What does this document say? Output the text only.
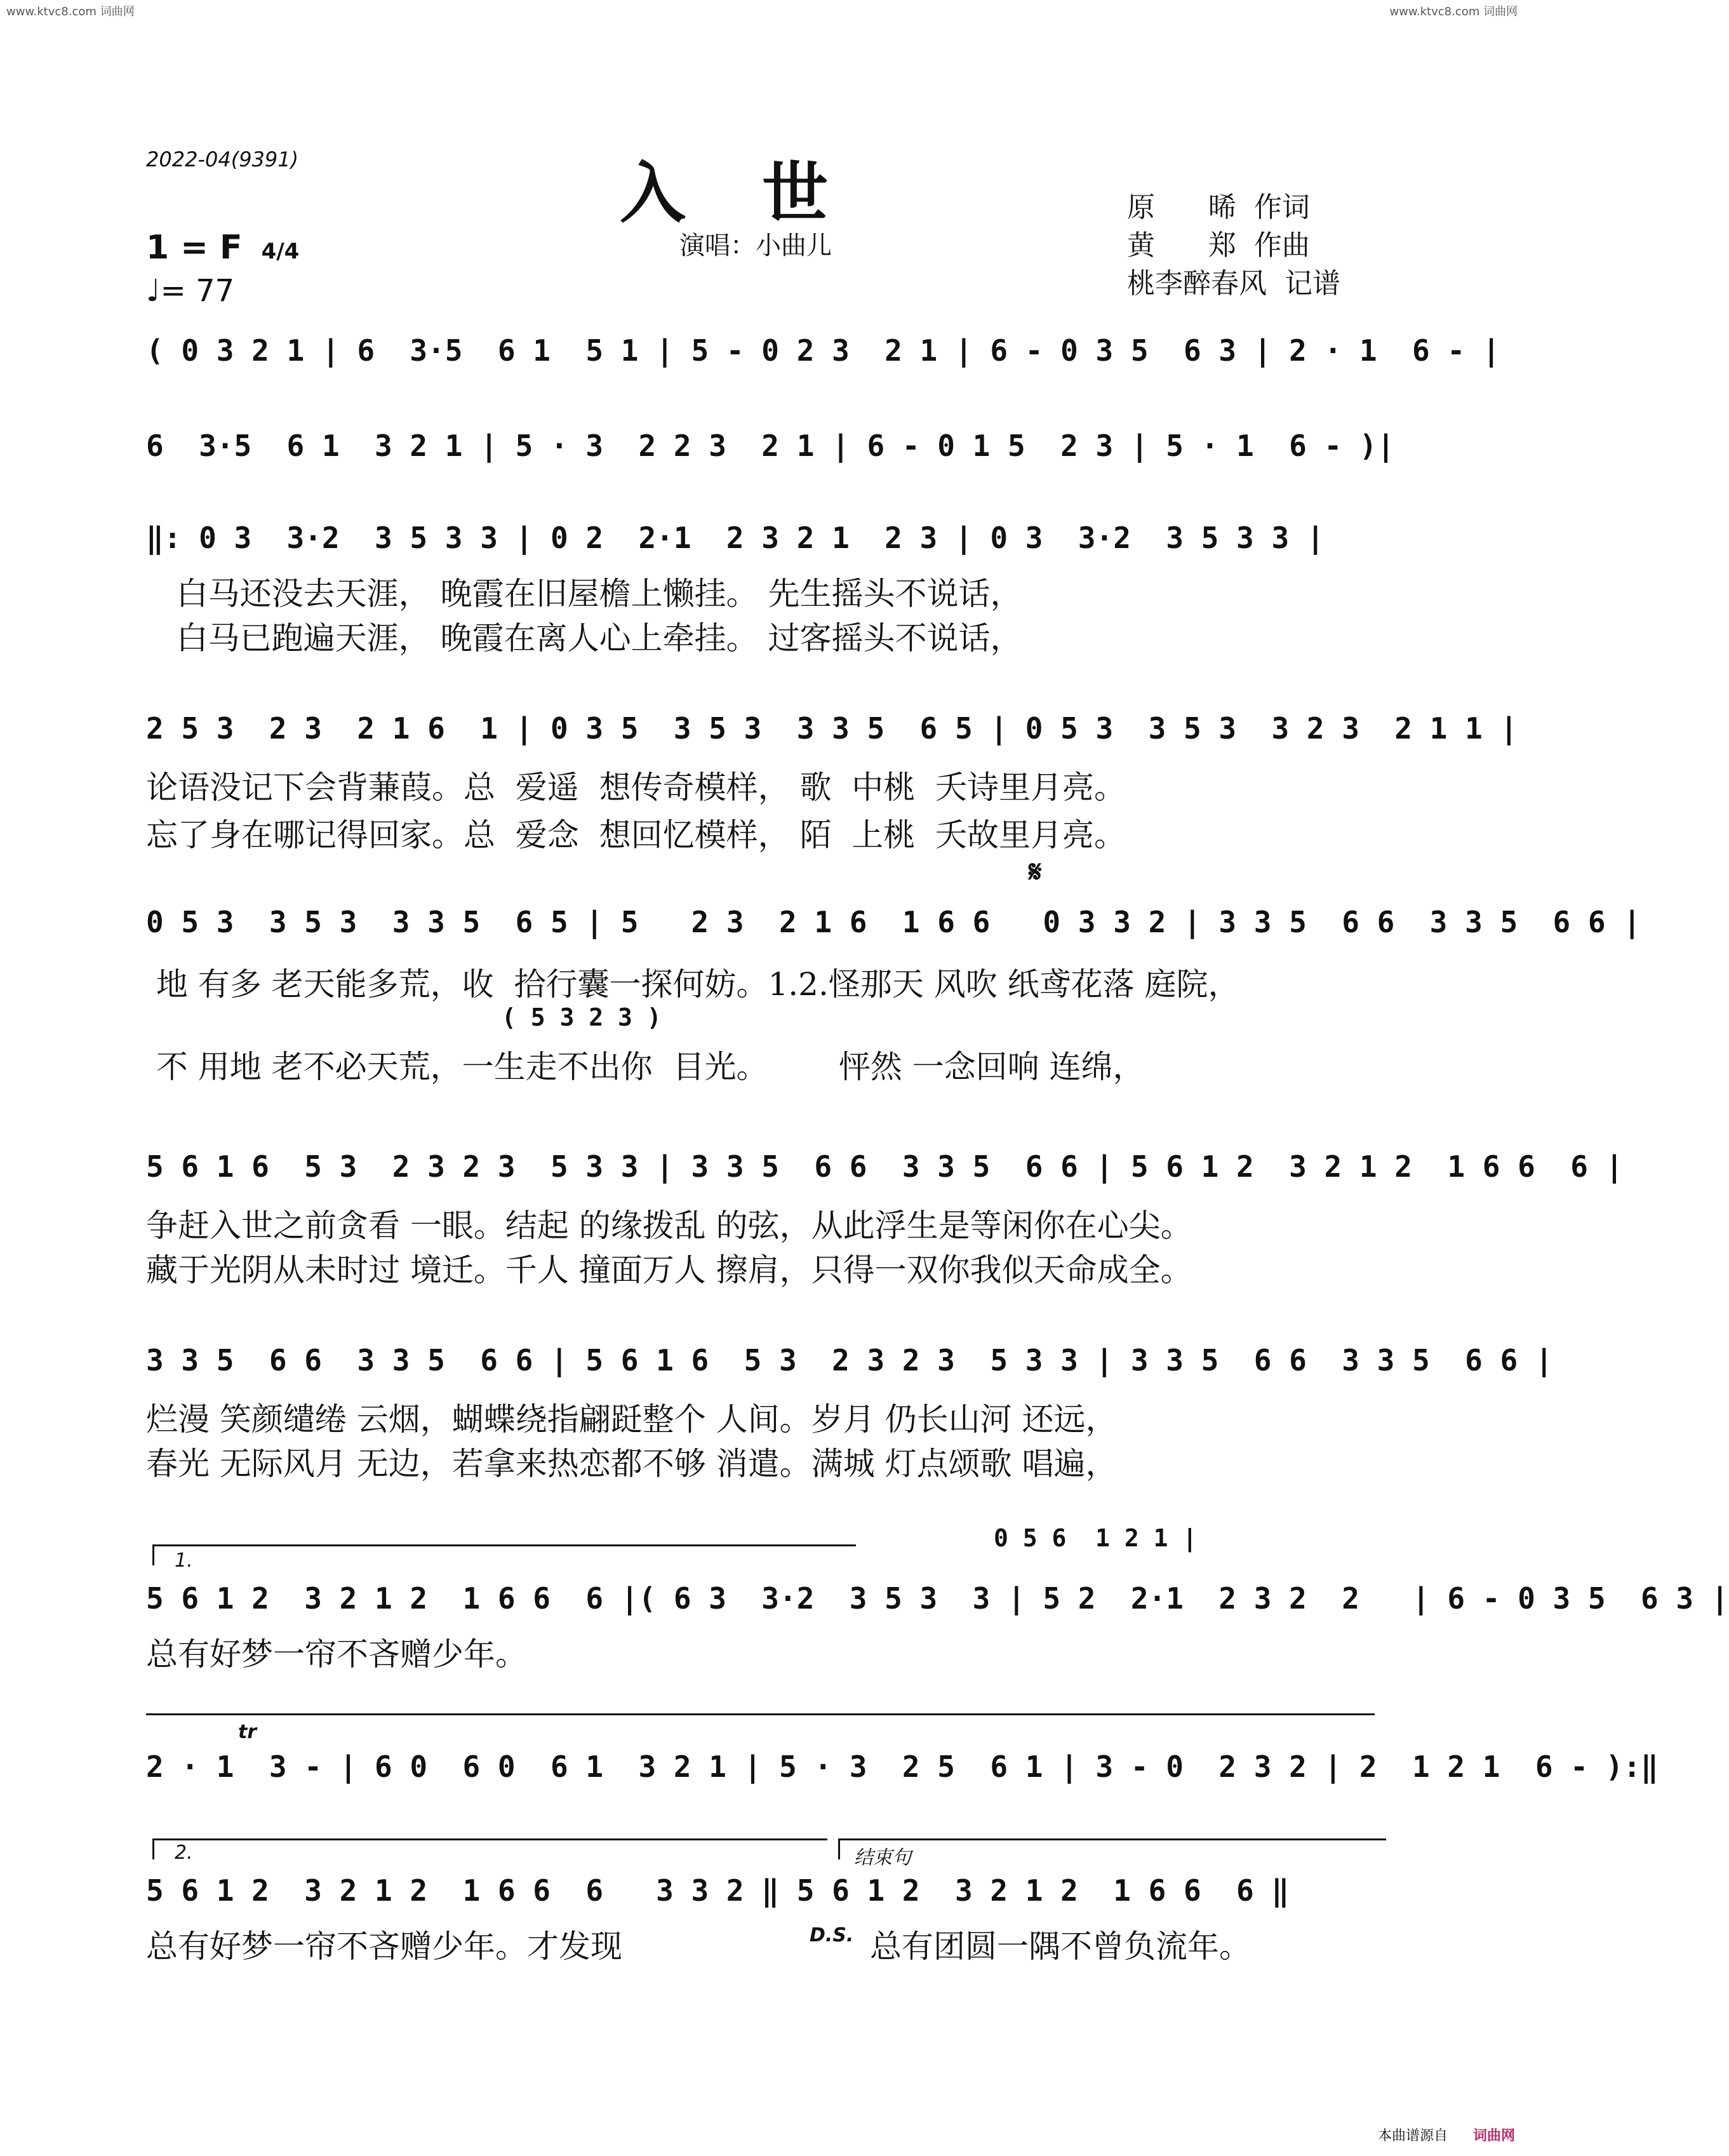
www.ktvc8.com 词曲网	www.ktvc8.com 词曲网
2022-04(9391)	入世
演唱：小曲儿
原      晞  作词
黄      郑  作曲
桃李醉春风  记谱
1 = F 4/4
♩= 77
( 0 3 2 1 | 6  3·5  6 1  5 1 | 5 - 0 2 3  2 1 | 6 - 0 3 5  6 3 | 2 · 1  6 - |
6  3·5  6 1  3 2 1 | 5 · 3  2 2 3  2 1 | 6 - 0 1 5  2 3 | 5 · 1  6 - )|
‖: 0 3  3·2  3 5 3 3 | 0 2  2·1  2 3 2 1  2 3 | 0 3  3·2  3 5 3 3 |
白马还没去天涯， 晚霞在旧屋檐上懒挂。 先生摇头不说话，
白马已跑遍天涯， 晚霞在离人心上牵挂。 过客摇头不说话，
2 5 3  2 3  2 1 6  1 | 0 3 5  3 5 3  3 3 5  6 5 | 0 5 3  3 5 3  3 2 3  2 1 1 |
论语没记下会背蒹葭。总  爱遥  想传奇模样， 歌  中桃  夭诗里月亮。
忘了身在哪记得回家。总  爱念  想回忆模样， 陌  上桃  夭故里月亮。
𝄋
0 5 3  3 5 3  3 3 5  6 5 | 5   2 3  2 1 6  1 6 6   0 3 3 2 | 3 3 5  6 6  3 3 5  6 6 |
地 有多 老天能多荒，收  拾行囊一探何妨。1.2.怪那天 风吹 纸鸢花落 庭院，
( 5 3 2 3 )
不 用地 老不必天荒，一生走不出你  目光。       怦然 一念回响 连绵，
5 6 1 6  5 3  2 3 2 3  5 3 3 | 3 3 5  6 6  3 3 5  6 6 | 5 6 1 2  3 2 1 2  1 6 6  6 |
争赶入世之前贪看 一眼。结起 的缘拨乱 的弦，从此浮生是等闲你在心尖。
藏于光阴从未时过 境迁。千人 撞面万人 擦肩，只得一双你我似天命成全。
3 3 5  6 6  3 3 5  6 6 | 5 6 1 6  5 3  2 3 2 3  5 3 3 | 3 3 5  6 6  3 3 5  6 6 |
烂漫 笑颜缱绻 云烟，蝴蝶绕指翩跹整个 人间。岁月 仍长山河 还远，
春光 无际风月 无边，若拿来热恋都不够 消遣。满城 灯点颂歌 唱遍，
1.
0 5 6  1 2 1 |
5 6 1 2  3 2 1 2  1 6 6  6 |( 6 3  3·2  3 5 3  3 | 5 2  2·1  2 3 2  2   | 6 - 0 3 5  6 3 |
总有好梦一帘不吝赠少年。
tr
2 · 1  3 - | 6 0  6 0  6 1  3 2 1 | 5 · 3  2 5  6 1 | 3 - 0  2 3 2 | 2  1 2 1  6 - ):‖
2.	结束句
5 6 1 2  3 2 1 2  1 6 6  6   3 3 2 ‖ 5 6 1 2  3 2 1 2  1 6 6  6 ‖
总有好梦一帘不吝赠少年。才发现	D.S. 总有团圆一隅不曾负流年。
本曲谱源自 词曲网
